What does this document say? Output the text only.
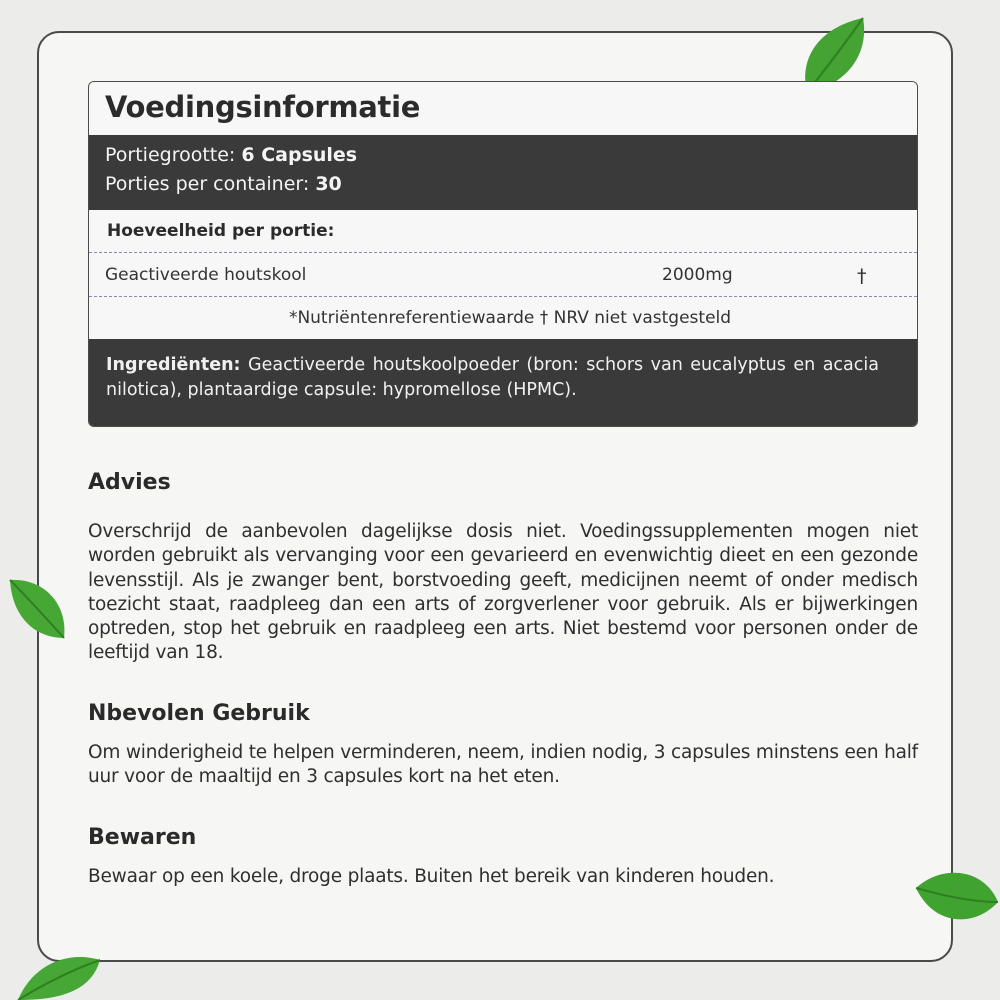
Voedingsinformatie
Portiegrootte: 6 Capsules
Porties per container: 30
Hoeveelheid per portie:
Geactiveerde houtskool	2000mg	†
*Nutriëntenreferentiewaarde † NRV niet vastgesteld
Ingrediënten: Geactiveerde houtskoolpoeder (bron: schors van eucalyptus en acacia nilotica), plantaardige capsule: hypromellose (HPMC).
Advies
Overschrijd de aanbevolen dagelijkse dosis niet. Voedingssupplementen mogen niet worden gebruikt als vervanging voor een gevarieerd en evenwichtig dieet en een gezonde levensstijl. Als je zwanger bent, borstvoeding geeft, medicijnen neemt of onder medisch toezicht staat, raadpleeg dan een arts of zorgverlener voor gebruik. Als er bijwerkingen optreden, stop het gebruik en raadpleeg een arts. Niet bestemd voor personen onder de leeftijd van 18.
Nbevolen Gebruik
Om winderigheid te helpen verminderen, neem, indien nodig, 3 capsules minstens een half uur voor de maaltijd en 3 capsules kort na het eten.
Bewaren
Bewaar op een koele, droge plaats. Buiten het bereik van kinderen houden.
